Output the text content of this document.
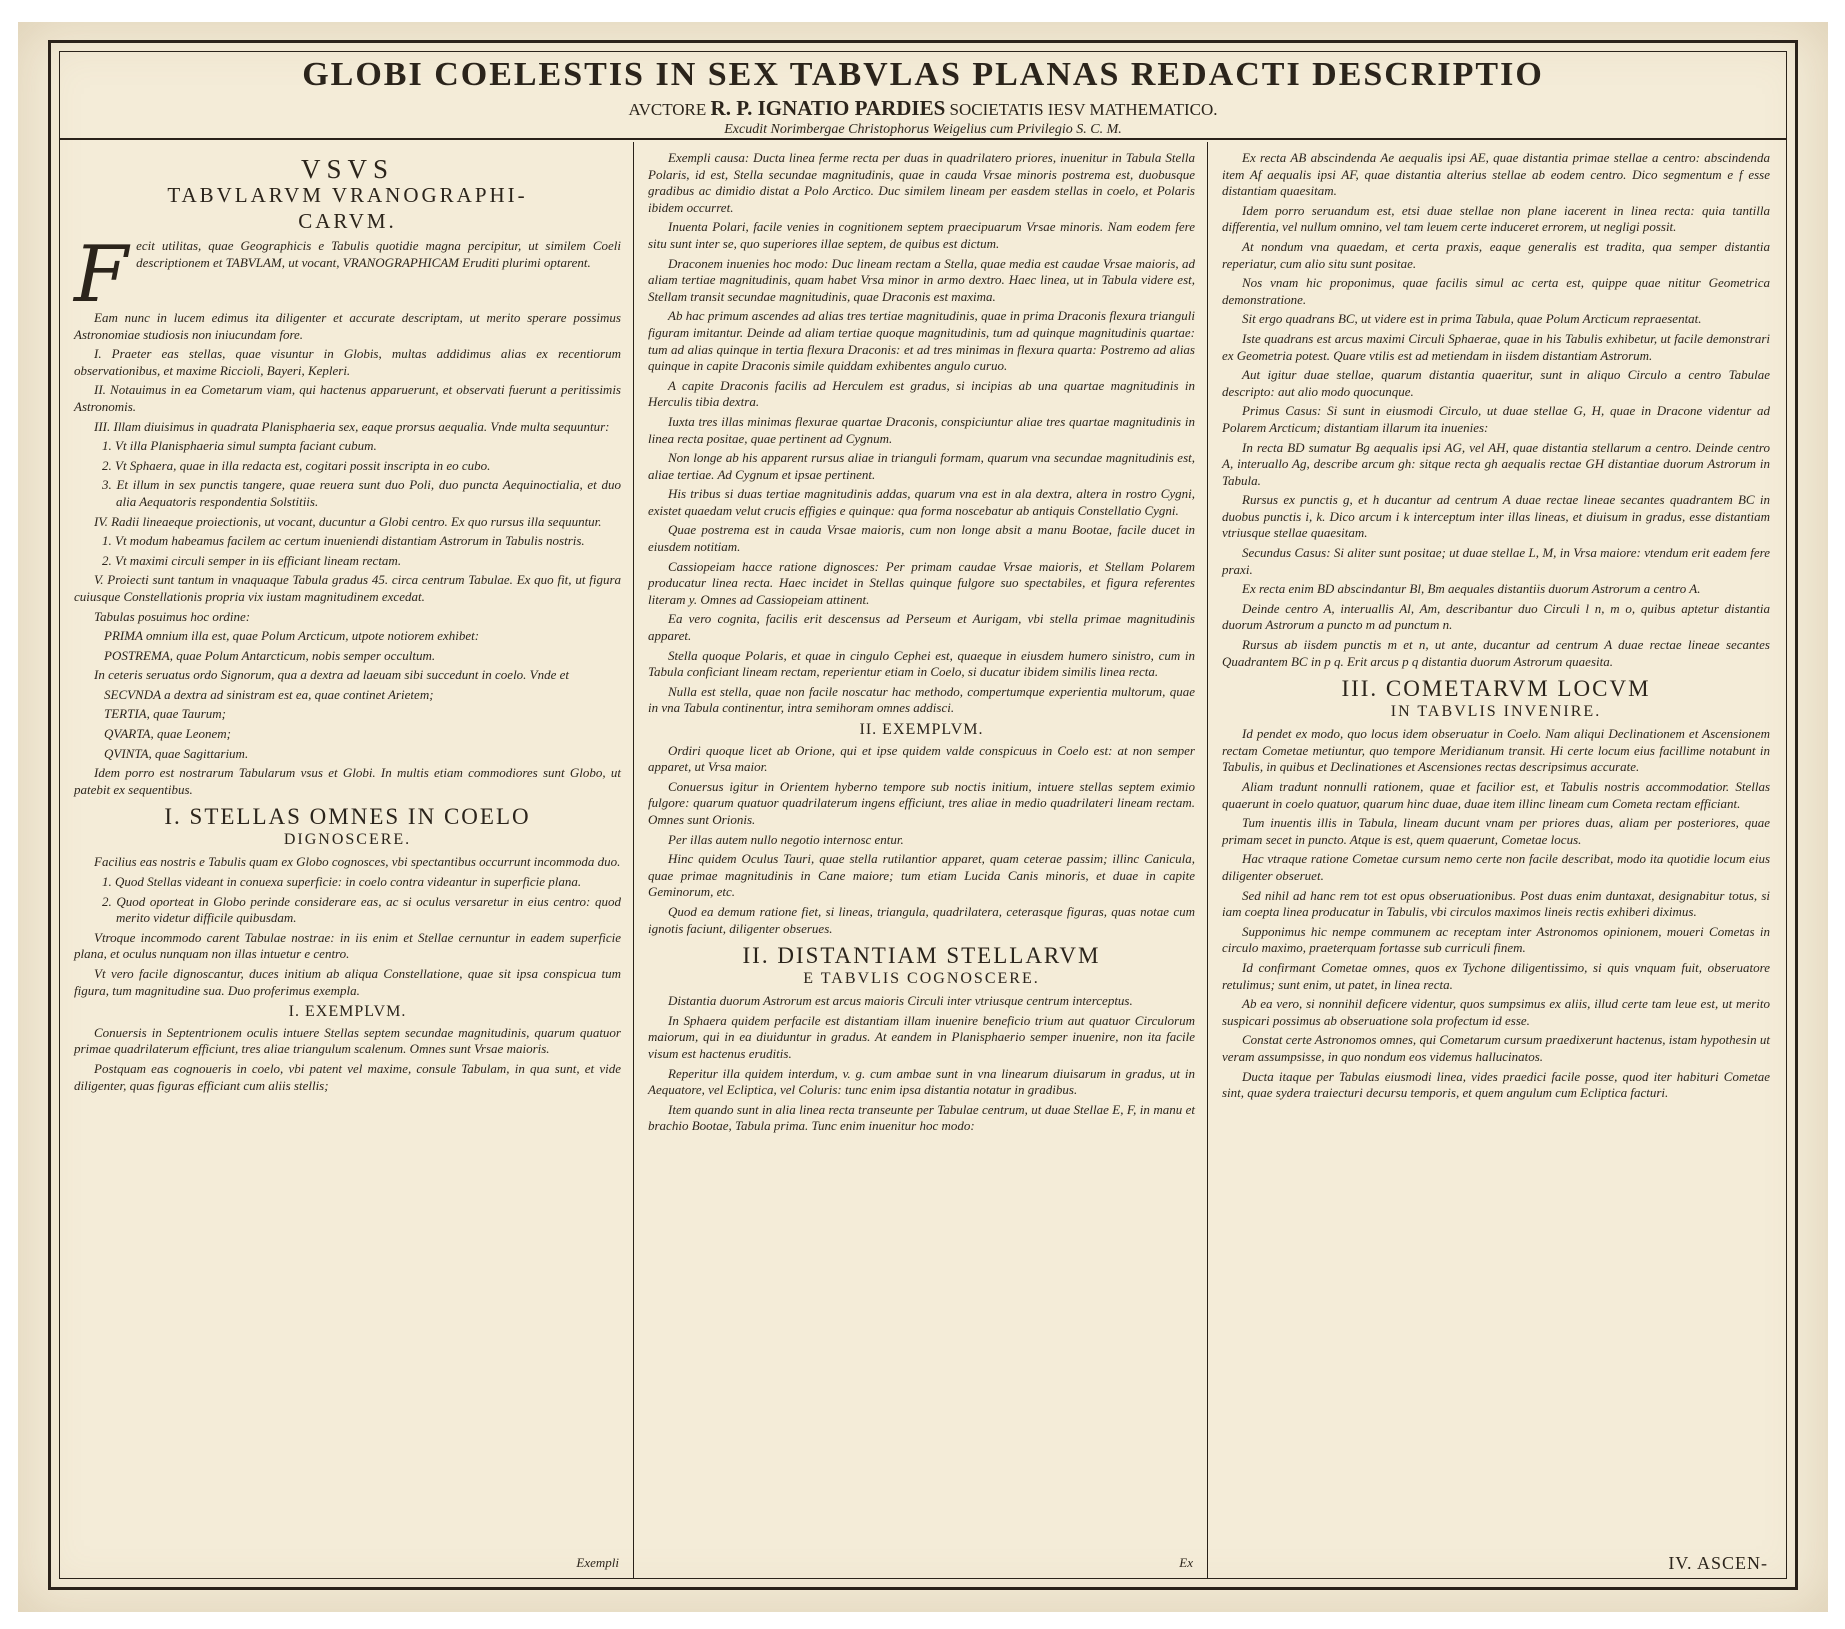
GLOBI COELESTIS IN SEX TABVLAS PLANAS REDACTI DESCRIPTIO
AVCTORE R. P. IGNATIO PARDIES SOCIETATIS IESV MATHEMATICO.
Excudit Norimbergae Christophorus Weigelius cum Privilegio S. C. M.
VSVS
TABVLARVM VRANOGRAPHI-
CARVM.

F ecit utilitas, quae Geographicis e Tabulis quotidie magna percipitur, ut similem Coeli descriptionem et TABVLAM, ut vocant, VRANOGRAPHICAM Eruditi plurimi optarent.

Eam nunc in lucem edimus ita diligenter et accurate descriptam, ut merito sperare possimus Astronomiae studiosis non iniucundam fore.

I. Praeter eas stellas, quae visuntur in Globis, multas addidimus alias ex recentiorum observationibus, et maxime Riccioli, Bayeri, Kepleri.

II. Notauimus in ea Cometarum viam, qui hactenus apparuerunt, et observati fuerunt a peritissimis Astronomis.

III. Illam diuisimus in quadrata Planisphaeria sex, eaque prorsus aequalia. Vnde multa sequuntur:

1. Vt illa Planisphaeria simul sumpta faciant cubum.

2. Vt Sphaera, quae in illa redacta est, cogitari possit inscripta in eo cubo.

3. Et illum in sex punctis tangere, quae reuera sunt duo Poli, duo puncta Aequinoctialia, et duo alia Aequatoris respondentia Solstitiis.

IV. Radii lineaeque proiectionis, ut vocant, ducuntur a Globi centro. Ex quo rursus illa sequuntur.

1. Vt modum habeamus facilem ac certum inueniendi distantiam Astrorum in Tabulis nostris.

2. Vt maximi circuli semper in iis efficiant lineam rectam.

V. Proiecti sunt tantum in vnaquaque Tabula gradus 45. circa centrum Tabulae. Ex quo fit, ut figura cuiusque Constellationis propria vix iustam magnitudinem excedat.

Tabulas posuimus hoc ordine:

PRIMA omnium illa est, quae Polum Arcticum, utpote notiorem exhibet:

POSTREMA, quae Polum Antarcticum, nobis semper occultum.

In ceteris seruatus ordo Signorum, qua a dextra ad laeuam sibi succedunt in coelo. Vnde et

SECVNDA a dextra ad sinistram est ea, quae continet Arietem;

TERTIA, quae Taurum;

QVARTA, quae Leonem;

QVINTA, quae Sagittarium.

Idem porro est nostrarum Tabularum vsus et Globi. In multis etiam commodiores sunt Globo, ut patebit ex sequentibus.

I. STELLAS OMNES IN COELO
DIGNOSCERE.

Facilius eas nostris e Tabulis quam ex Globo cognosces, vbi spectantibus occurrunt incommoda duo.

1. Quod Stellas videant in conuexa superficie: in coelo contra videantur in superficie plana.

2. Quod oporteat in Globo perinde considerare eas, ac si oculus versaretur in eius centro: quod merito videtur difficile quibusdam.

Vtroque incommodo carent Tabulae nostrae: in iis enim et Stellae cernuntur in eadem superficie plana, et oculus nunquam non illas intuetur e centro.

Vt vero facile dignoscantur, duces initium ab aliqua Constellatione, quae sit ipsa conspicua tum figura, tum magnitudine sua. Duo proferimus exempla.

I. EXEMPLVM.

Conuersis in Septentrionem oculis intuere Stellas septem secundae magnitudinis, quarum quatuor primae quadrilaterum efficiunt, tres aliae triangulum scalenum. Omnes sunt Vrsae maioris.

Postquam eas cognoueris in coelo, vbi patent vel maxime, consule Tabulam, in qua sunt, et vide diligenter, quas figuras efficiant cum aliis stellis;

Exempli

Exempli causa: Ducta linea ferme recta per duas in quadrilatero priores, inuenitur in Tabula Stella Polaris, id est, Stella secundae magnitudinis, quae in cauda Vrsae minoris postrema est, duobusque gradibus ac dimidio distat a Polo Arctico. Duc similem lineam per easdem stellas in coelo, et Polaris ibidem occurret.

Inuenta Polari, facile venies in cognitionem septem praecipuarum Vrsae minoris. Nam eodem fere situ sunt inter se, quo superiores illae septem, de quibus est dictum.

Draconem inuenies hoc modo: Duc lineam rectam a Stella, quae media est caudae Vrsae maioris, ad aliam tertiae magnitudinis, quam habet Vrsa minor in armo dextro. Haec linea, ut in Tabula videre est, Stellam transit secundae magnitudinis, quae Draconis est maxima.

Ab hac primum ascendes ad alias tres tertiae magnitudinis, quae in prima Draconis flexura trianguli figuram imitantur. Deinde ad aliam tertiae quoque magnitudinis, tum ad quinque magnitudinis quartae: tum ad alias quinque in tertia flexura Draconis: et ad tres minimas in flexura quarta: Postremo ad alias quinque in capite Draconis simile quiddam exhibentes angulo curuo.

A capite Draconis facilis ad Herculem est gradus, si incipias ab una quartae magnitudinis in Herculis tibia dextra.

Iuxta tres illas minimas flexurae quartae Draconis, conspiciuntur aliae tres quartae magnitudinis in linea recta positae, quae pertinent ad Cygnum.

Non longe ab his apparent rursus aliae in trianguli formam, quarum vna secundae magnitudinis est, aliae tertiae. Ad Cygnum et ipsae pertinent.

His tribus si duas tertiae magnitudinis addas, quarum vna est in ala dextra, altera in rostro Cygni, existet quaedam velut crucis effigies e quinque: qua forma noscebatur ab antiquis Constellatio Cygni.

Quae postrema est in cauda Vrsae maioris, cum non longe absit a manu Bootae, facile ducet in eiusdem notitiam.

Cassiopeiam hacce ratione dignosces: Per primam caudae Vrsae maioris, et Stellam Polarem producatur linea recta. Haec incidet in Stellas quinque fulgore suo spectabiles, et figura referentes literam y. Omnes ad Cassiopeiam attinent.

Ea vero cognita, facilis erit descensus ad Perseum et Aurigam, vbi stella primae magnitudinis apparet.

Stella quoque Polaris, et quae in cingulo Cephei est, quaeque in eiusdem humero sinistro, cum in Tabula conficiant lineam rectam, reperientur etiam in Coelo, si ducatur ibidem similis linea recta.

Nulla est stella, quae non facile noscatur hac methodo, compertumque experientia multorum, quae in vna Tabula continentur, intra semihoram omnes addisci.

II. EXEMPLVM.

Ordiri quoque licet ab Orione, qui et ipse quidem valde conspicuus in Coelo est: at non semper apparet, ut Vrsa maior.

Conuersus igitur in Orientem hyberno tempore sub noctis initium, intuere stellas septem eximio fulgore: quarum quatuor quadrilaterum ingens efficiunt, tres aliae in medio quadrilateri lineam rectam. Omnes sunt Orionis.

Per illas autem nullo negotio internosc entur.

Hinc quidem Oculus Tauri, quae stella rutilantior apparet, quam ceterae passim; illinc Canicula, quae primae magnitudinis in Cane maiore; tum etiam Lucida Canis minoris, et duae in capite Geminorum, etc.

Quod ea demum ratione fiet, si lineas, triangula, quadrilatera, ceterasque figuras, quas notae cum ignotis faciunt, diligenter obserues.

II. DISTANTIAM STELLARVM
E TABVLIS COGNOSCERE.

Distantia duorum Astrorum est arcus maioris Circuli inter vtriusque centrum interceptus.

In Sphaera quidem perfacile est distantiam illam inuenire beneficio trium aut quatuor Circulorum maiorum, qui in ea diuiduntur in gradus. At eandem in Planisphaerio semper inuenire, non ita facile visum est hactenus eruditis.

Reperitur illa quidem interdum, v. g. cum ambae sunt in vna linearum diuisarum in gradus, ut in Aequatore, vel Ecliptica, vel Coluris: tunc enim ipsa distantia notatur in gradibus.

Item quando sunt in alia linea recta transeunte per Tabulae centrum, ut duae Stellae E, F, in manu et brachio Bootae, Tabula prima. Tunc enim inuenitur hoc modo:

Ex

Ex recta AB abscindenda Ae aequalis ipsi AE, quae distantia primae stellae a centro: abscindenda item Af aequalis ipsi AF, quae distantia alterius stellae ab eodem centro. Dico segmentum e f esse distantiam quaesitam.

Idem porro seruandum est, etsi duae stellae non plane iacerent in linea recta: quia tantilla differentia, vel nullum omnino, vel tam leuem certe induceret errorem, ut negligi possit.

At nondum vna quaedam, et certa praxis, eaque generalis est tradita, qua semper distantia reperiatur, cum alio situ sunt positae.

Nos vnam hic proponimus, quae facilis simul ac certa est, quippe quae nititur Geometrica demonstratione.

Sit ergo quadrans BC, ut videre est in prima Tabula, quae Polum Arcticum repraesentat.

Iste quadrans est arcus maximi Circuli Sphaerae, quae in his Tabulis exhibetur, ut facile demonstrari ex Geometria potest. Quare vtilis est ad metiendam in iisdem distantiam Astrorum.

Aut igitur duae stellae, quarum distantia quaeritur, sunt in aliquo Circulo a centro Tabulae descripto: aut alio modo quocunque.

Primus Casus: Si sunt in eiusmodi Circulo, ut duae stellae G, H, quae in Dracone videntur ad Polarem Arcticum; distantiam illarum ita inuenies:

In recta BD sumatur Bg aequalis ipsi AG, vel AH, quae distantia stellarum a centro. Deinde centro A, interuallo Ag, describe arcum gh: sitque recta gh aequalis rectae GH distantiae duorum Astrorum in Tabula.

Rursus ex punctis g, et h ducantur ad centrum A duae rectae lineae secantes quadrantem BC in duobus punctis i, k. Dico arcum i k interceptum inter illas lineas, et diuisum in gradus, esse distantiam vtriusque stellae quaesitam.

Secundus Casus: Si aliter sunt positae; ut duae stellae L, M, in Vrsa maiore: vtendum erit eadem fere praxi.

Ex recta enim BD abscindantur Bl, Bm aequales distantiis duorum Astrorum a centro A.

Deinde centro A, interuallis Al, Am, describantur duo Circuli l n, m o, quibus aptetur distantia duorum Astrorum a puncto m ad punctum n.

Rursus ab iisdem punctis m et n, ut ante, ducantur ad centrum A duae rectae lineae secantes Quadrantem BC in p q. Erit arcus p q distantia duorum Astrorum quaesita.

III. COMETARVM LOCVM
IN TABVLIS INVENIRE.

Id pendet ex modo, quo locus idem obseruatur in Coelo. Nam aliqui Declinationem et Ascensionem rectam Cometae metiuntur, quo tempore Meridianum transit. Hi certe locum eius facillime notabunt in Tabulis, in quibus et Declinationes et Ascensiones rectas descripsimus accurate.

Aliam tradunt nonnulli rationem, quae et facilior est, et Tabulis nostris accommodatior. Stellas quaerunt in coelo quatuor, quarum hinc duae, duae item illinc lineam cum Cometa rectam efficiant.

Tum inuentis illis in Tabula, lineam ducunt vnam per priores duas, aliam per posteriores, quae primam secet in puncto. Atque is est, quem quaerunt, Cometae locus.

Hac vtraque ratione Cometae cursum nemo certe non facile describat, modo ita quotidie locum eius diligenter obseruet.

Sed nihil ad hanc rem tot est opus obseruationibus. Post duas enim duntaxat, designabitur totus, si iam coepta linea producatur in Tabulis, vbi circulos maximos lineis rectis exhiberi diximus.

Supponimus hic nempe communem ac receptam inter Astronomos opinionem, moueri Cometas in circulo maximo, praeterquam fortasse sub curriculi finem.

Id confirmant Cometae omnes, quos ex Tychone diligentissimo, si quis vnquam fuit, obseruatore retulimus; sunt enim, ut patet, in linea recta.

Ab ea vero, si nonnihil deficere videntur, quos sumpsimus ex aliis, illud certe tam leue est, ut merito suspicari possimus ab obseruatione sola profectum id esse.

Constat certe Astronomos omnes, qui Cometarum cursum praedixerunt hactenus, istam hypothesin ut veram assumpsisse, in quo nondum eos videmus hallucinatos.

Ducta itaque per Tabulas eiusmodi linea, vides praedici facile posse, quod iter habituri Cometae sint, quae sydera traiecturi decursu temporis, et quem angulum cum Ecliptica facturi.

IV. ASCEN-
